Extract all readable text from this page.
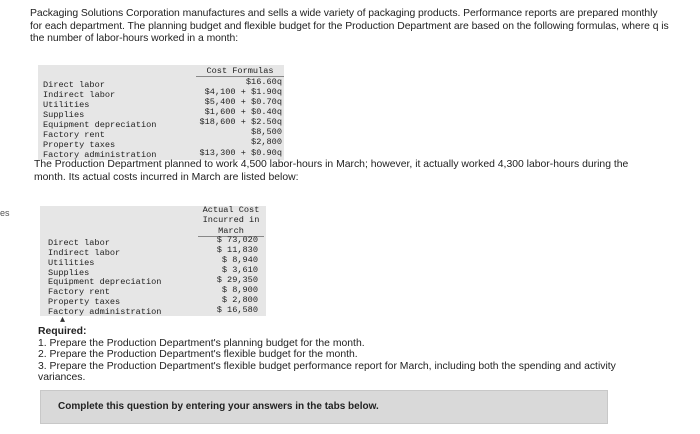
Packaging Solutions Corporation manufactures and sells a wide variety of packaging products. Performance reports are prepared monthly for each department. The planning budget and flexible budget for the Production Department are based on the following formulas, where q is the number of labor-hours worked in a month:
es
Cost Formulas
Direct labor	$16.60q
Indirect labor	$4,100 + $1.90q
Utilities	$5,400 + $0.70q
Supplies	$1,600 + $0.40q
Equipment depreciation	$18,600 + $2.50q
Factory rent	$8,500
Property taxes	$2,800
Factory administration	$13,300 + $0.90q
The Production Department planned to work 4,500 labor-hours in March; however, it actually worked 4,300 labor-hours during the month. Its actual costs incurred in March are listed below:
Actual Cost
Incurred in
March
Direct labor	$ 73,020
Indirect labor	$ 11,830
Utilities	$ 8,940
Supplies	$ 3,610
Equipment depreciation	$ 29,350
Factory rent	$ 8,900
Property taxes	$ 2,800
Factory administration	$ 16,580
▴
Required:
1. Prepare the Production Department's planning budget for the month.
2. Prepare the Production Department's flexible budget for the month.
3. Prepare the Production Department's flexible budget performance report for March, including both the spending and activity variances.
Complete this question by entering your answers in the tabs below.
